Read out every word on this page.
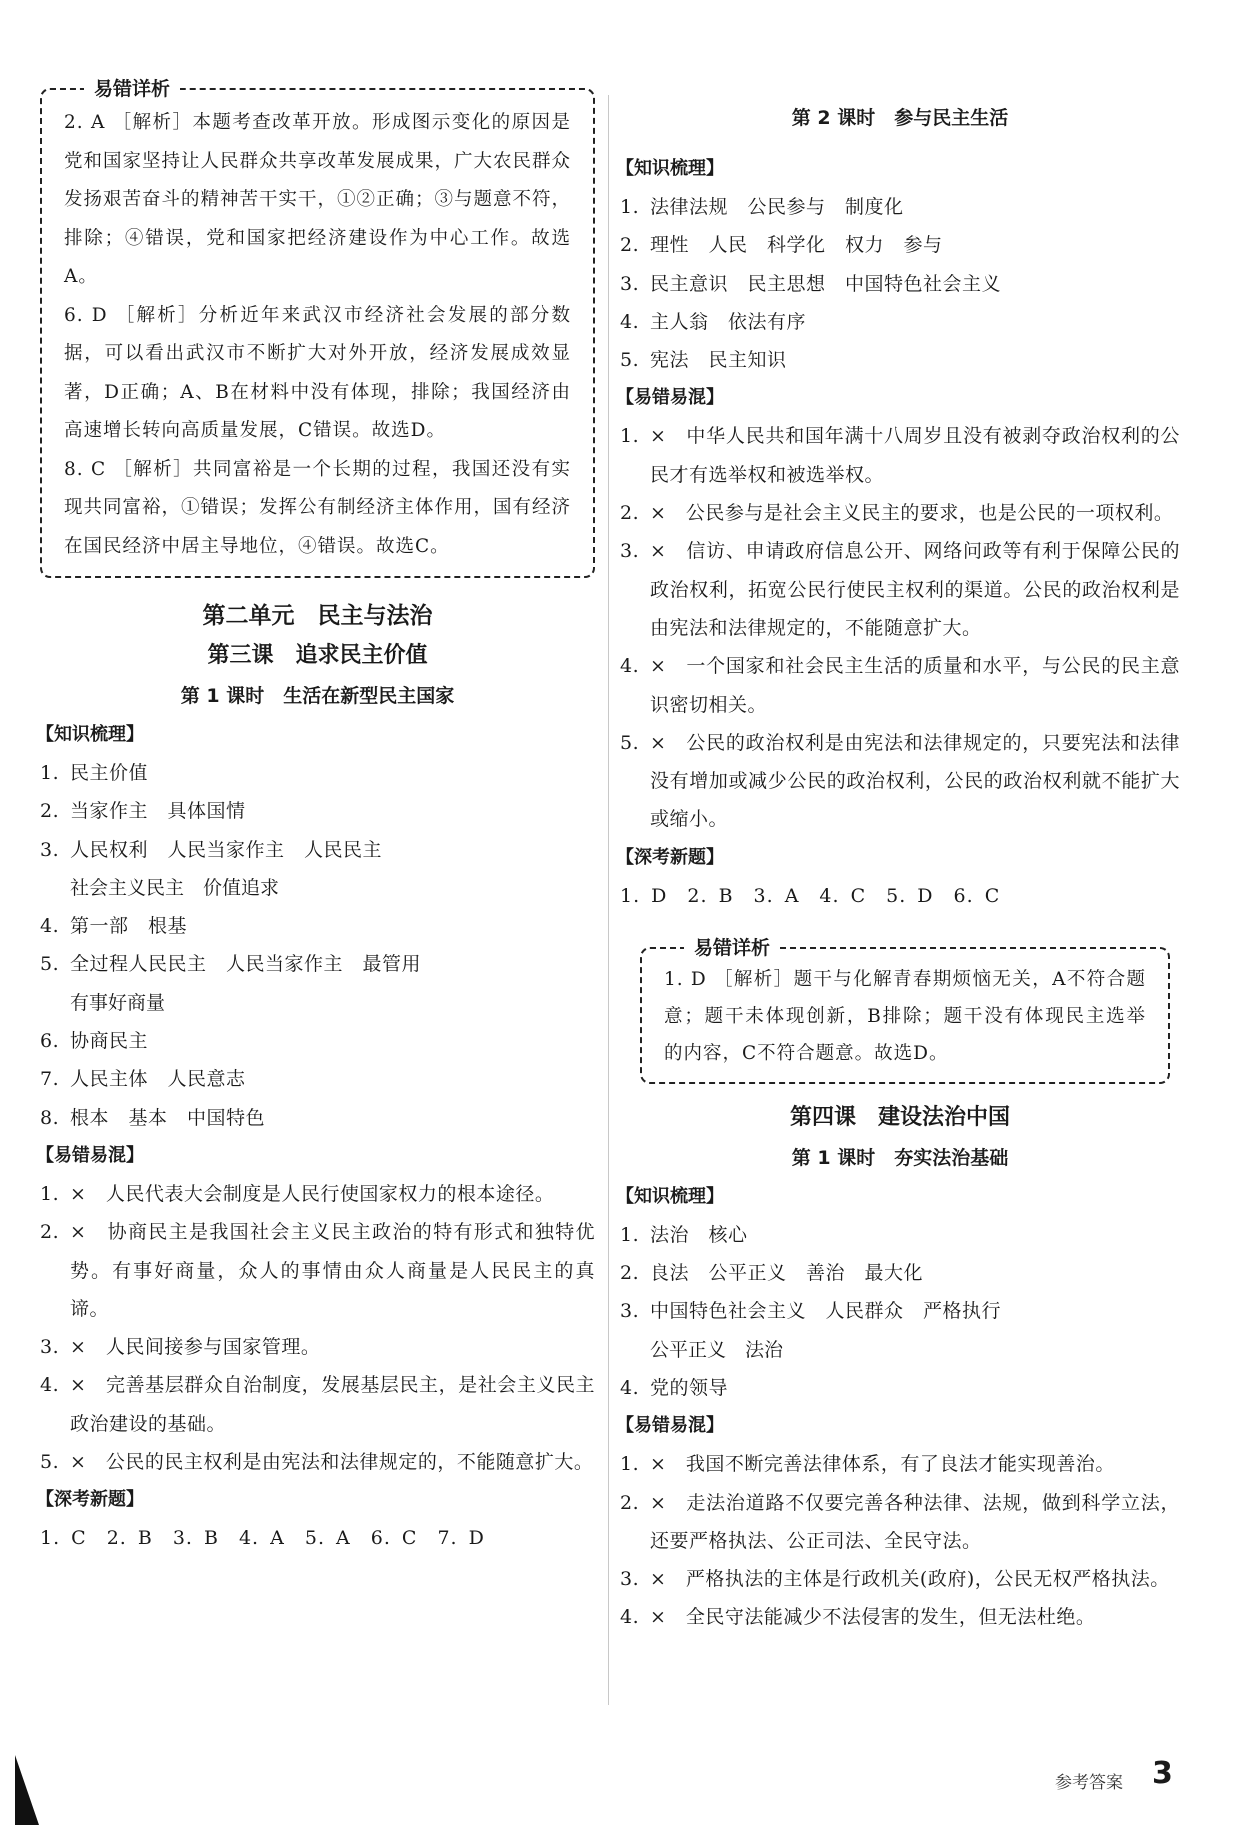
易错详析

2. A ［解析］本题考查改革开放。形成图示变化的原因是党和国家坚持让人民群众共享改革发展成果，广大农民群众发扬艰苦奋斗的精神苦干实干，①②正确；③与题意不符，排除；④错误，党和国家把经济建设作为中心工作。故选A。

6. D ［解析］分析近年来武汉市经济社会发展的部分数据，可以看出武汉市不断扩大对外开放，经济发展成效显著，D正确；A、B在材料中没有体现，排除；我国经济由高速增长转向高质量发展，C错误。故选D。

8. C ［解析］共同富裕是一个长期的过程，我国还没有实现共同富裕，①错误；发挥公有制经济主体作用，国有经济在国民经济中居主导地位，④错误。故选C。

第二单元　民主与法治
第三课　追求民主价值
第 1 课时　生活在新型民主国家
【知识梳理】
1. 民主价值
2. 当家作主　具体国情
3. 人民权利　人民当家作主　人民民主
社会主义民主　价值追求
4. 第一部　根基
5. 全过程人民民主　人民当家作主　最管用
有事好商量
6. 协商民主
7. 人民主体　人民意志
8. 根本　基本　中国特色
【易错易混】
1. ×　人民代表大会制度是人民行使国家权力的根本途径。
2. ×　协商民主是我国社会主义民主政治的特有形式和独特优势。有事好商量，众人的事情由众人商量是人民民主的真谛。
3. ×　人民间接参与国家管理。
4. ×　完善基层群众自治制度，发展基层民主，是社会主义民主政治建设的基础。
5. ×　公民的民主权利是由宪法和法律规定的，不能随意扩大。
【深考新题】
1. C　2. B　3. B　4. A　5. A　6. C　7. D
第 2 课时　参与民主生活
【知识梳理】
1. 法律法规　公民参与　制度化
2. 理性　人民　科学化　权力　参与
3. 民主意识　民主思想　中国特色社会主义
4. 主人翁　依法有序
5. 宪法　民主知识
【易错易混】
1. ×　中华人民共和国年满十八周岁且没有被剥夺政治权利的公民才有选举权和被选举权。
2. ×　公民参与是社会主义民主的要求，也是公民的一项权利。
3. ×　信访、申请政府信息公开、网络问政等有利于保障公民的政治权利，拓宽公民行使民主权利的渠道。公民的政治权利是由宪法和法律规定的，不能随意扩大。
4. ×　一个国家和社会民主生活的质量和水平，与公民的民主意识密切相关。
5. ×　公民的政治权利是由宪法和法律规定的，只要宪法和法律没有增加或减少公民的政治权利，公民的政治权利就不能扩大或缩小。
【深考新题】
1. D　2. B　3. A　4. C　5. D　6. C
易错详析

1. D ［解析］题干与化解青春期烦恼无关，A不符合题意；题干未体现创新，B排除；题干没有体现民主选举的内容，C不符合题意。故选D。

第四课　建设法治中国
第 1 课时　夯实法治基础
【知识梳理】
1. 法治　核心
2. 良法　公平正义　善治　最大化
3. 中国特色社会主义　人民群众　严格执行
公平正义　法治
4. 党的领导
【易错易混】
1. ×　我国不断完善法律体系，有了良法才能实现善治。
2. ×　走法治道路不仅要完善各种法律、法规，做到科学立法，还要严格执法、公正司法、全民守法。
3. ×　严格执法的主体是行政机关(政府)，公民无权严格执法。
4. ×　全民守法能减少不法侵害的发生，但无法杜绝。
参考答案 3
